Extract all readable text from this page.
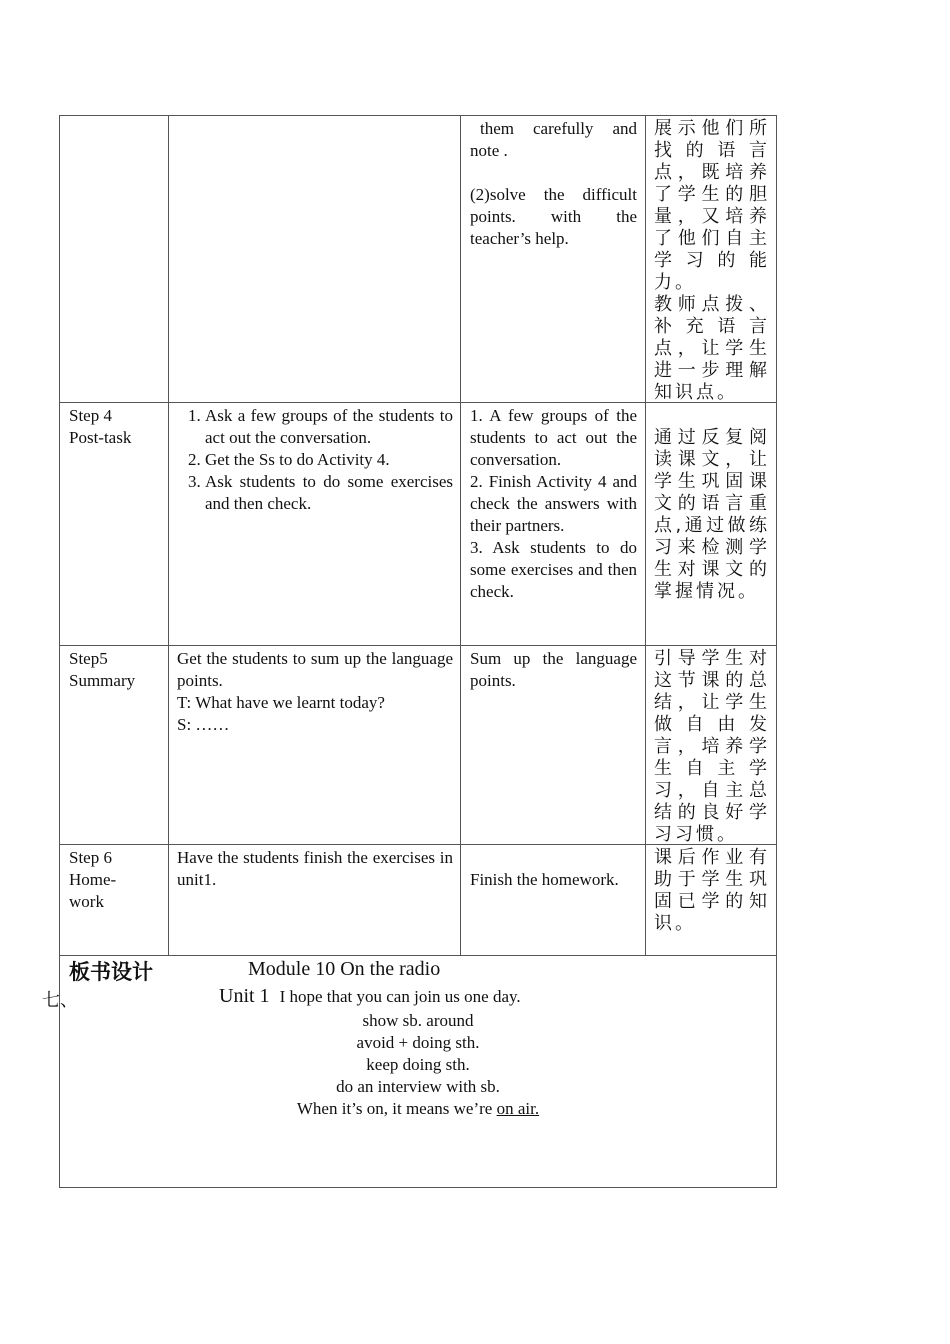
them carefully and note .

(2)solve the difficult points. with the teacher’s help.

展示他们所找的语言点，既培养了学生的胆量，又培养了他们自主学习的能力。

教师点拨、补充语言点，让学生进一步理解知识点。

Step 4

Post-task

1. Ask a few groups of the students to act out the conversation.
2. Get the Ss to do Activity 4.
3. Ask students to do some exercises and then check.

1. A few groups of the students to act out the conversation.

2. Finish Activity 4 and check the answers with their partners.

3. Ask students to do some exercises and then check.

通过反复阅读课文，让学生巩固课文的语言重点,通过做练习来检测学生对课文的掌握情况。

Step5

Summary

Get the students to sum up the language points.

T: What have we learnt today?

S: ……

Sum up the language points.

引导学生对这节课的总结，让学生做自由发言，培养学生自主学习，自主总结的良好学习习惯。

Step 6

Home-

work

Have the students finish the exercises in unit1.	Finish the homework.

课后作业有助于学生巩固已学的知识。
板书设计
七、
Module 10 On the radio
Unit 1 I hope that you can join us one day.
show sb. around
avoid + doing sth.
keep doing sth.
do an interview with sb.
When it’s on, it means we’re on air.
